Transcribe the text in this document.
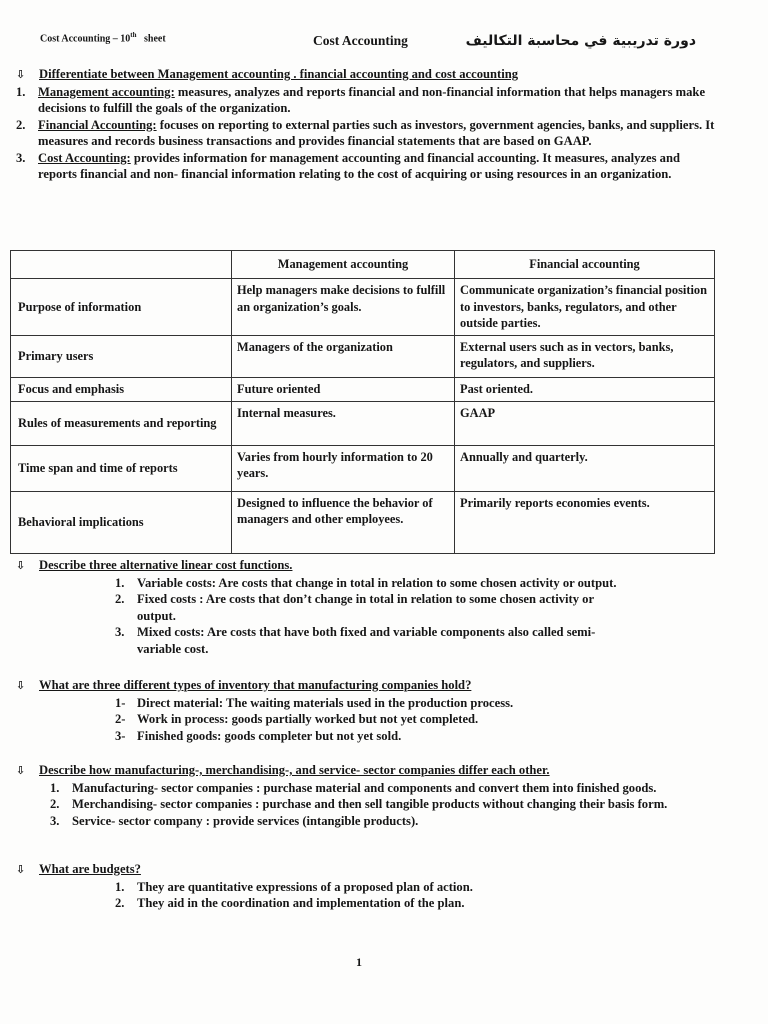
Cost Accounting – 10th sheet	Cost Accounting	دورة تدريبية في محاسبة التكاليف
⇩ Differentiate between Management accounting . financial accounting and cost accounting
1. Management accounting: measures, analyzes and reports financial and non-financial information that helps managers make decisions to fulfill the goals of the organization.
2. Financial Accounting: focuses on reporting to external parties such as investors, government agencies, banks, and suppliers. It measures and records business transactions and provides financial statements that are based on GAAP.
3. Cost Accounting: provides information for management accounting and financial accounting. It measures, analyzes and reports financial and non- financial information relating to the cost of acquiring or using resources in an organization.
	Management accounting	Financial accounting
Purpose of information	Help managers make decisions to fulfill an organization’s goals.	Communicate organization’s financial position to investors, banks, regulators, and other outside parties.
Primary users	Managers of the organization	External users such as in vectors, banks, regulators, and suppliers.
Focus and emphasis	Future oriented	Past oriented.
Rules of measurements and reporting	Internal measures.	GAAP
Time span and time of reports	Varies from hourly information to 20 years.	Annually and quarterly.
Behavioral implications	Designed to influence the behavior of managers and other employees.	Primarily reports economies events.
⇩ Describe three alternative linear cost functions.
1. Variable costs: Are costs that change in total in relation to some chosen activity or output.
2. Fixed costs : Are costs that don’t change in total in relation to some chosen activity or output.
3. Mixed costs: Are costs that have both fixed and variable components also called semi-variable cost.
⇩ What are three different types of inventory that manufacturing companies hold?
1- Direct material: The waiting materials used in the production process.
2- Work in process: goods partially worked but not yet completed.
3- Finished goods: goods completer but not yet sold.
⇩ Describe how manufacturing-, merchandising-, and service- sector companies differ each other.
1. Manufacturing- sector companies : purchase material and components and convert them into finished goods.
2. Merchandising- sector companies : purchase and then sell tangible products without changing their basis form.
3. Service- sector company : provide services (intangible products).
⇩ What are budgets?
1. They are quantitative expressions of a proposed plan of action.
2. They aid in the coordination and implementation of the plan.
1
